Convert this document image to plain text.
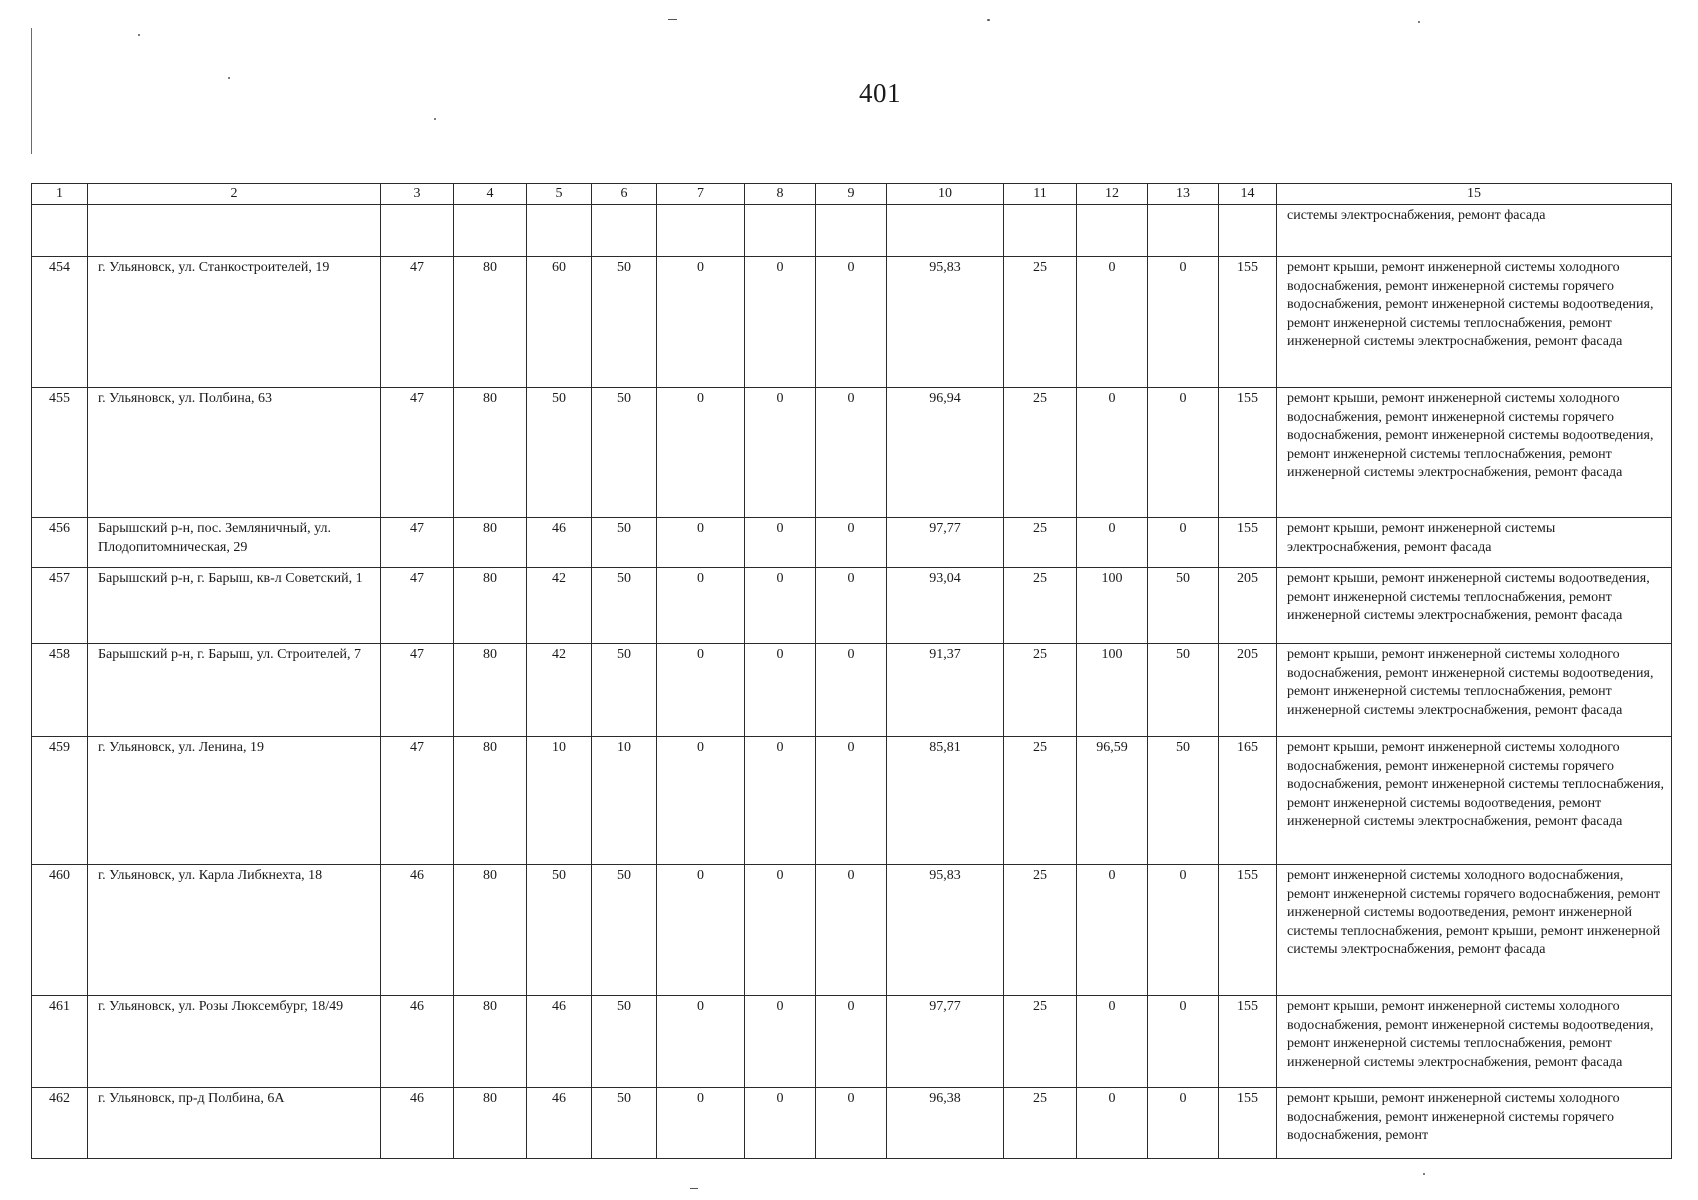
401
1	2	3	4	5	6	7	8	9	10	11	12	13	14	15
														системы электроснабжения, ремонт фасада
454	г. Ульяновск, ул. Станкостроителей, 19	47	80	60	50	0	0	0	95,83	25	0	0	155	ремонт крыши, ремонт инженерной системы холодного водоснабжения, ремонт инженерной системы горячего водоснабжения, ремонт инженерной системы водоотведения, ремонт инженерной системы теплоснабжения, ремонт инженерной системы электроснабжения, ремонт фасада
455	г. Ульяновск, ул. Полбина, 63	47	80	50	50	0	0	0	96,94	25	0	0	155	ремонт крыши, ремонт инженерной системы холодного водоснабжения, ремонт инженерной системы горячего водоснабжения, ремонт инженерной системы водоотведения, ремонт инженерной системы теплоснабжения, ремонт инженерной системы электроснабжения, ремонт фасада
456	Барышский р-н, пос. Земляничный, ул. Плодопитомническая, 29	47	80	46	50	0	0	0	97,77	25	0	0	155	ремонт крыши, ремонт инженерной системы электроснабжения, ремонт фасада
457	Барышский р-н, г. Барыш, кв-л Советский, 1	47	80	42	50	0	0	0	93,04	25	100	50	205	ремонт крыши, ремонт инженерной системы водоотведения, ремонт инженерной системы теплоснабжения, ремонт инженерной системы электроснабжения, ремонт фасада
458	Барышский р-н, г. Барыш, ул. Строителей, 7	47	80	42	50	0	0	0	91,37	25	100	50	205	ремонт крыши, ремонт инженерной системы холодного водоснабжения, ремонт инженерной системы водоотведения, ремонт инженерной системы теплоснабжения, ремонт инженерной системы электроснабжения, ремонт фасада
459	г. Ульяновск, ул. Ленина, 19	47	80	10	10	0	0	0	85,81	25	96,59	50	165	ремонт крыши, ремонт инженерной системы холодного водоснабжения, ремонт инженерной системы горячего водоснабжения, ремонт инженерной системы теплоснабжения, ремонт инженерной системы водоотведения, ремонт инженерной системы электроснабжения, ремонт фасада
460	г. Ульяновск, ул. Карла Либкнехта, 18	46	80	50	50	0	0	0	95,83	25	0	0	155	ремонт инженерной системы холодного водоснабжения, ремонт инженерной системы горячего водоснабжения, ремонт инженерной системы водоотведения, ремонт инженерной системы теплоснабжения, ремонт крыши, ремонт инженерной системы электроснабжения, ремонт фасада
461	г. Ульяновск, ул. Розы Люксембург, 18/49	46	80	46	50	0	0	0	97,77	25	0	0	155	ремонт крыши, ремонт инженерной системы холодного водоснабжения, ремонт инженерной системы водоотведения, ремонт инженерной системы теплоснабжения, ремонт инженерной системы электроснабжения, ремонт фасада
462	г. Ульяновск, пр-д Полбина, 6А	46	80	46	50	0	0	0	96,38	25	0	0	155	ремонт крыши, ремонт инженерной системы холодного водоснабжения, ремонт инженерной системы горячего водоснабжения, ремонт
